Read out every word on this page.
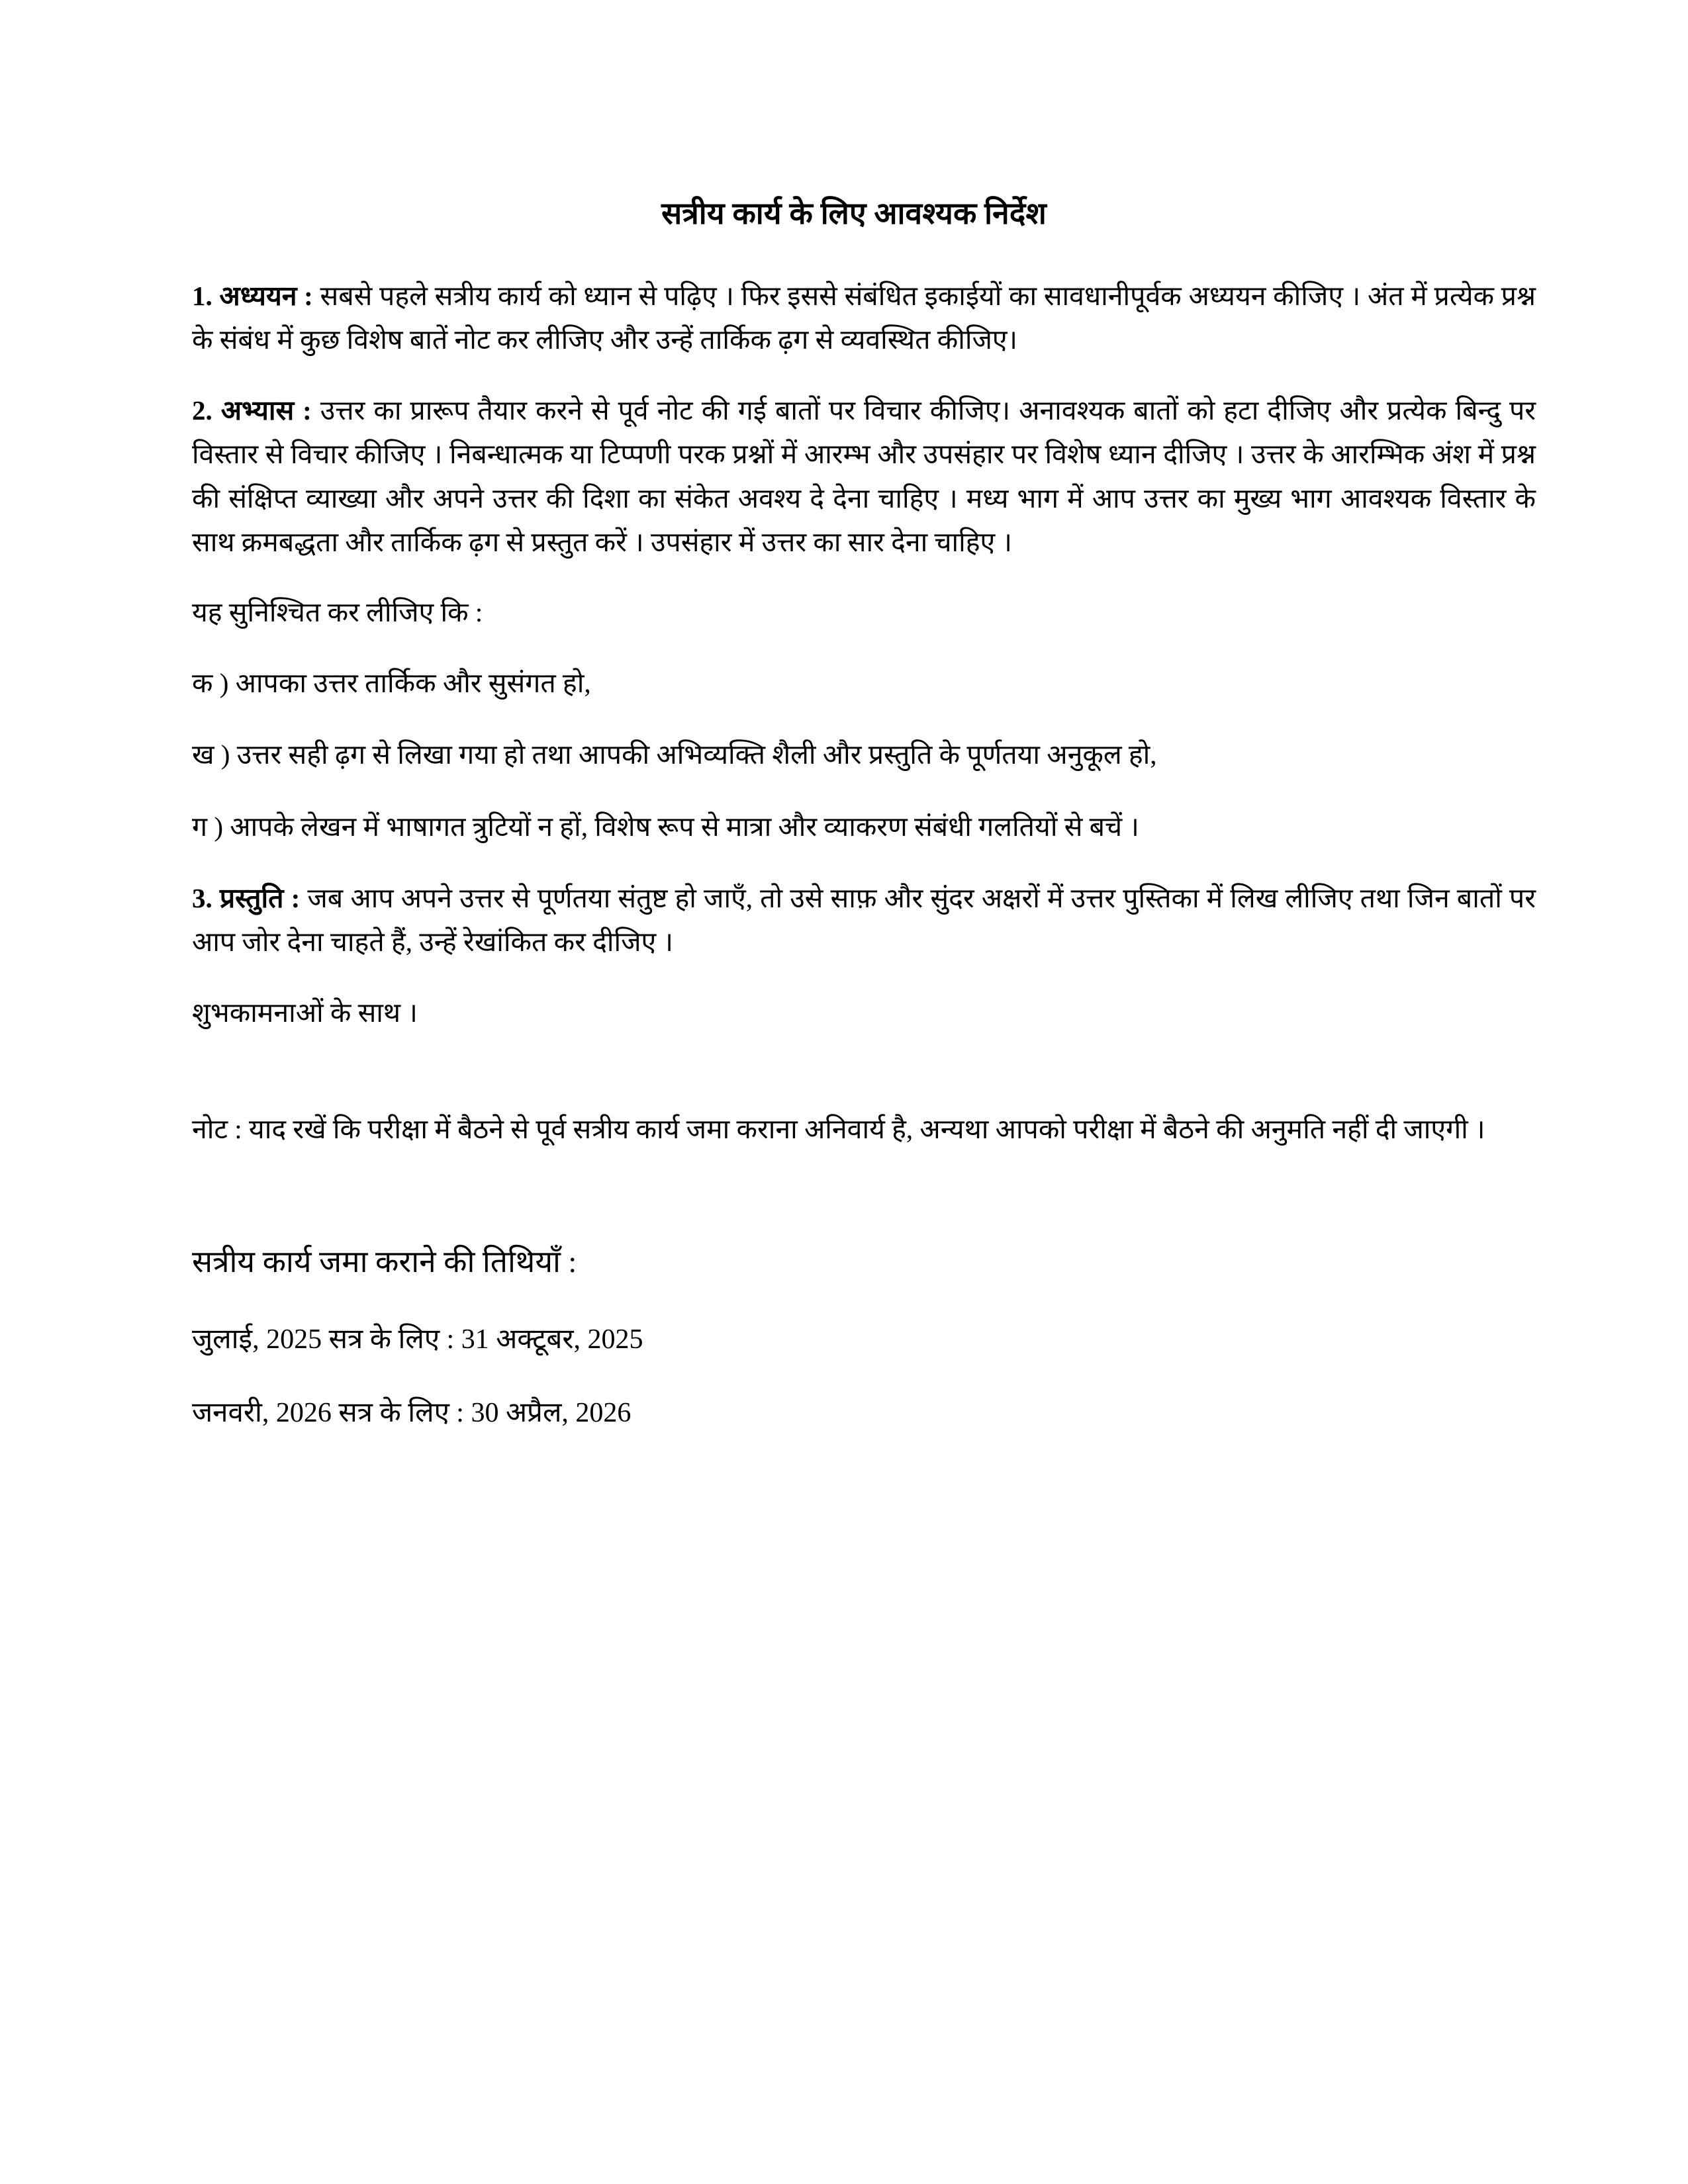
सत्रीय कार्य के लिए आवश्यक निर्देश

1. अध्ययन : सबसे पहले सत्रीय कार्य को ध्यान से पढ़िए । फिर इससे संबंधित इकाईयों का सावधानीपूर्वक अध्ययन कीजिए । अंत में प्रत्येक प्रश्न के संबंध में कुछ विशेष बातें नोट कर लीजिए और उन्हें तार्किक ढ़ग से व्यवस्थित कीजिए।

2. अभ्यास : उत्तर का प्रारूप तैयार करने से पूर्व नोट की गई बातों पर विचार कीजिए। अनावश्यक बातों को हटा दीजिए और प्रत्येक बिन्दु पर विस्तार से विचार कीजिए । निबन्धात्मक या टिप्पणी परक प्रश्नों में आरम्भ और उपसंहार पर विशेष ध्यान दीजिए । उत्तर के आरम्भिक अंश में प्रश्न की संक्षिप्त व्याख्या और अपने उत्तर की दिशा का संकेत अवश्य दे देना चाहिए । मध्य भाग में आप उत्तर का मुख्य भाग आवश्यक विस्तार के साथ क्रमबद्धता और तार्किक ढ़ग से प्रस्तुत करें । उपसंहार में उत्तर का सार देना चाहिए ।

यह सुनिश्चित कर लीजिए कि :

क ) आपका उत्तर तार्किक और सुसंगत हो,

ख ) उत्तर सही ढ़ग से लिखा गया हो तथा आपकी अभिव्यक्ति शैली और प्रस्तुति के पूर्णतया अनुकूल हो,

ग ) आपके लेखन में भाषागत त्रुटियों न हों, विशेष रूप से मात्रा और व्याकरण संबंधी गलतियों से बचें ।

3. प्रस्तुति : जब आप अपने उत्तर से पूर्णतया संतुष्ट हो जाएँ, तो उसे साफ़ और सुंदर अक्षरों में उत्तर पुस्तिका में लिख लीजिए तथा जिन बातों पर आप जोर देना चाहते हैं, उन्हें रेखांकित कर दीजिए ।

शुभकामनाओं के साथ ।

नोट : याद रखें कि परीक्षा में बैठने से पूर्व सत्रीय कार्य जमा कराना अनिवार्य है, अन्यथा आपको परीक्षा में बैठने की अनुमति नहीं दी जाएगी ।

सत्रीय कार्य जमा कराने की तिथियाँ :

जुलाई, 2025 सत्र के लिए : 31 अक्टूबर, 2025

जनवरी, 2026 सत्र के लिए : 30 अप्रैल, 2026
